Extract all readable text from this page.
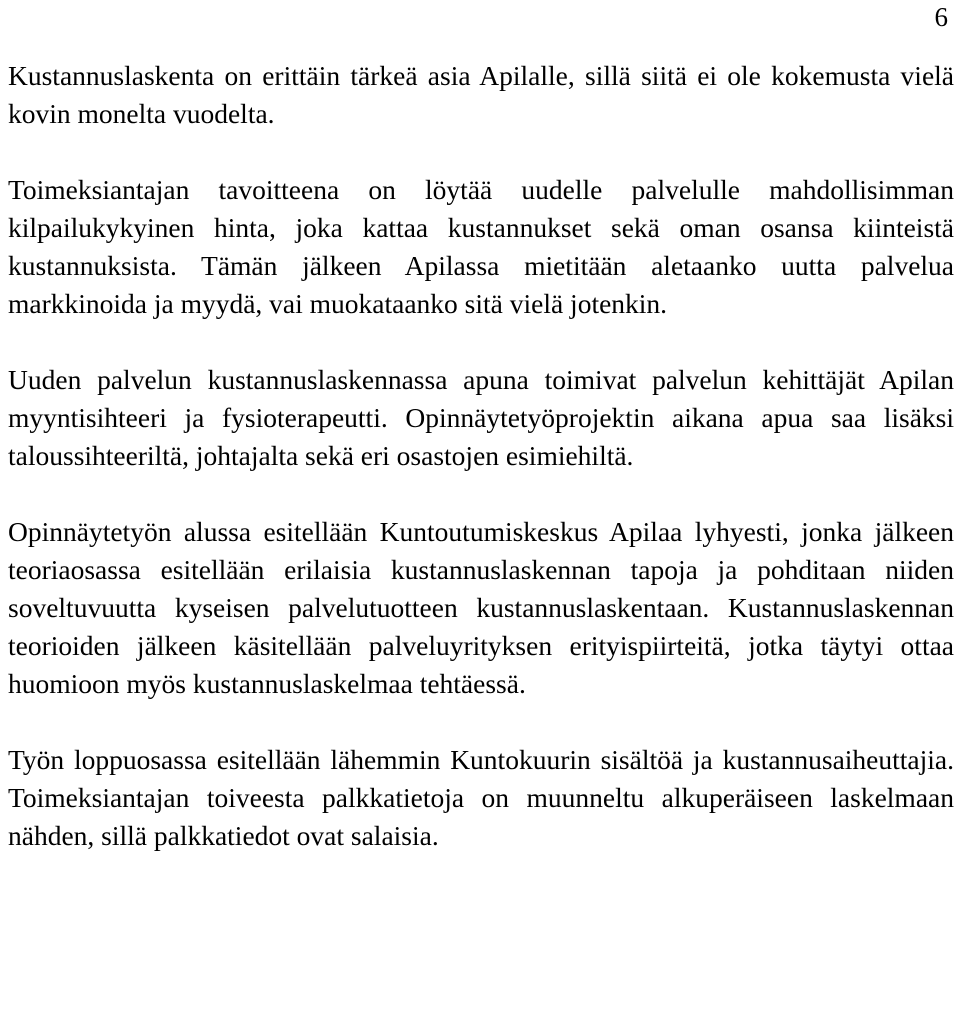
6

Kustannuslaskenta on erittäin tärkeä asia Apilalle, sillä siitä ei ole kokemusta vielä kovin monelta vuodelta.

Toimeksiantajan tavoitteena on löytää uudelle palvelulle mahdollisimman kilpailukykyinen hinta, joka kattaa kustannukset sekä oman osansa kiinteistä kustannuksista. Tämän jälkeen Apilassa mietitään aletaanko uutta palvelua markkinoida ja myydä, vai muokataanko sitä vielä jotenkin.

Uuden palvelun kustannuslaskennassa apuna toimivat palvelun kehittäjät Apilan myyntisihteeri ja fysioterapeutti. Opinnäytetyöprojektin aikana apua saa lisäksi taloussihteeriltä, johtajalta sekä eri osastojen esimiehiltä.

Opinnäytetyön alussa esitellään Kuntoutumiskeskus Apilaa lyhyesti, jonka jälkeen teoriaosassa esitellään erilaisia kustannuslaskennan tapoja ja pohditaan niiden soveltuvuutta kyseisen palvelutuotteen kustannuslaskentaan. Kustannuslaskennan teorioiden jälkeen käsitellään palveluyrityksen erityispiirteitä, jotka täytyi ottaa huomioon myös kustannuslaskelmaa tehtäessä.

Työn loppuosassa esitellään lähemmin Kuntokuurin sisältöä ja kustannusaiheuttajia. Toimeksiantajan toiveesta palkkatietoja on muunneltu alkuperäiseen laskelmaan nähden, sillä palkkatiedot ovat salaisia.
